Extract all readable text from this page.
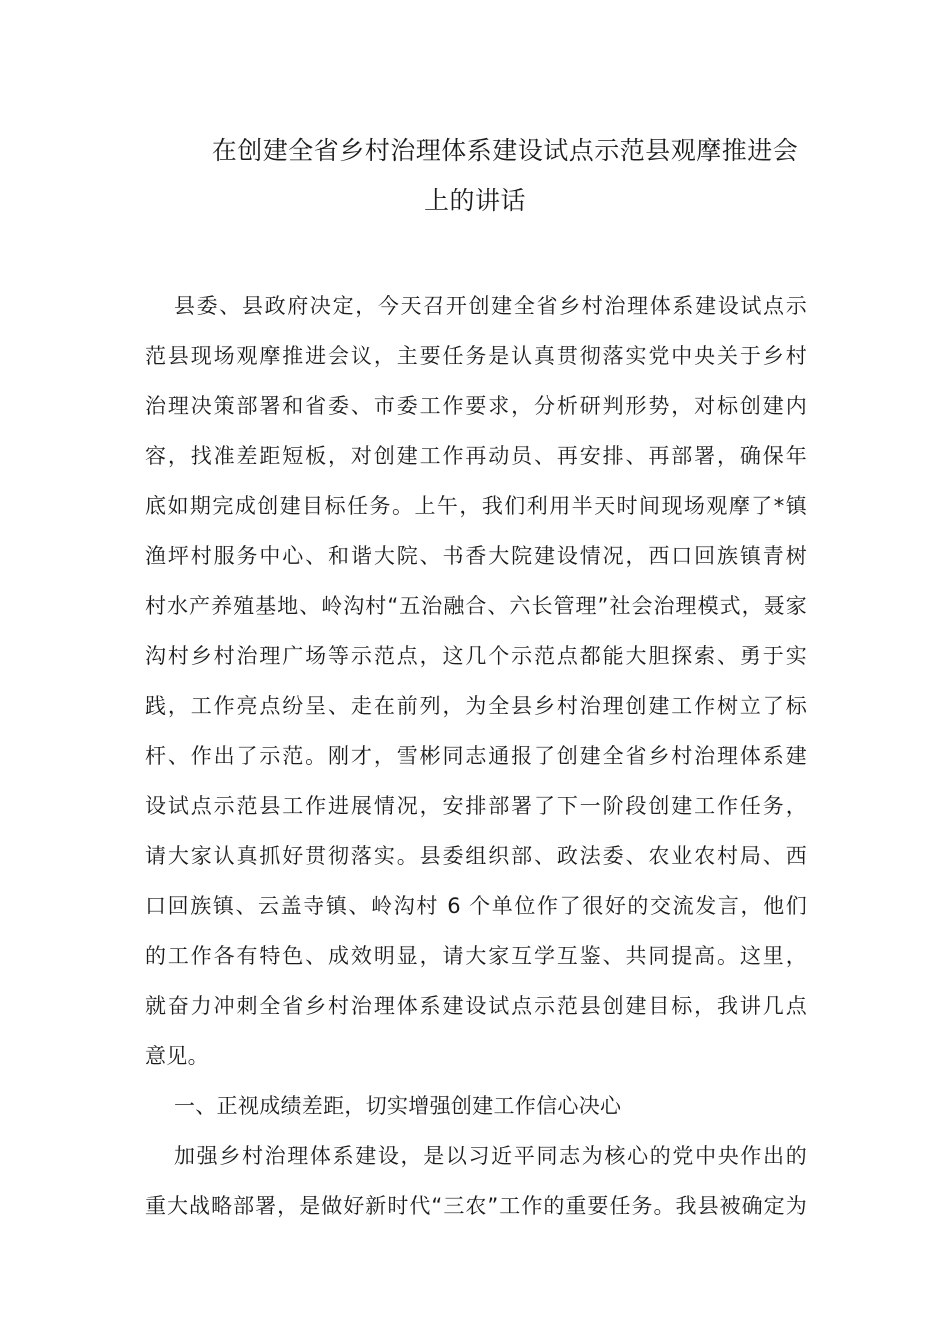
在创建全省乡村治理体系建设试点示范县观摩推进会
上的讲话
县委、县政府决定，今天召开创建全省乡村治理体系建设试点示
范县现场观摩推进会议，主要任务是认真贯彻落实党中央关于乡村
治理决策部署和省委、市委工作要求，分析研判形势，对标创建内
容，找准差距短板，对创建工作再动员、再安排、再部署，确保年
底如期完成创建目标任务。上午，我们利用半天时间现场观摩了*镇
渔坪村服务中心、和谐大院、书香大院建设情况，西口回族镇青树
村水产养殖基地、岭沟村“五治融合、六长管理”社会治理模式，聂家
沟村乡村治理广场等示范点，这几个示范点都能大胆探索、勇于实
践，工作亮点纷呈、走在前列，为全县乡村治理创建工作树立了标
杆、作出了示范。刚才，雪彬同志通报了创建全省乡村治理体系建
设试点示范县工作进展情况，安排部署了下一阶段创建工作任务，
请大家认真抓好贯彻落实。县委组织部、政法委、农业农村局、西
口回族镇、云盖寺镇、岭沟村 6 个单位作了很好的交流发言，他们
的工作各有特色、成效明显，请大家互学互鉴、共同提高。这里，
就奋力冲刺全省乡村治理体系建设试点示范县创建目标，我讲几点
意见。
一、正视成绩差距，切实增强创建工作信心决心
加强乡村治理体系建设，是以习近平同志为核心的党中央作出的
重大战略部署，是做好新时代“三农”工作的重要任务。我县被确定为
